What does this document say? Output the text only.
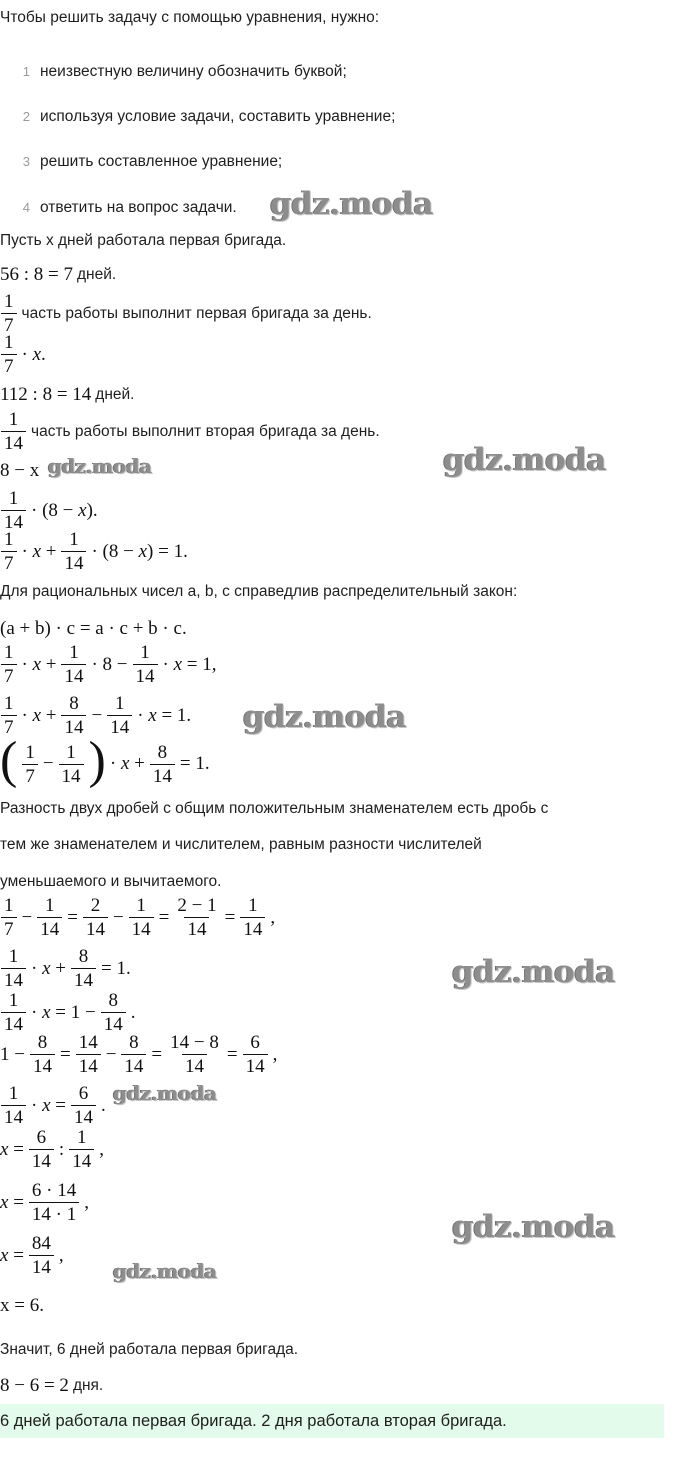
Чтобы решить задачу с помощью уравнения, нужно:
1 неизвестную величину обозначить буквой;
2 используя условие задачи, составить уравнение;
3 решить составленное уравнение;
4 ответить на вопрос задачи. gdz.moda
gdz.moda	gdz.moda
gdz.moda
gdz.moda
gdz.moda
gdz.moda
gdz.moda
Пусть x дней работала первая бригада.
56 : 8 = 7 дней.
$\frac{1}{7}$ часть работы выполнит первая бригада за день.
$\frac{1}{7} \cdot x$.
112 : 8 = 14 дней.
$\frac{1}{14}$ часть работы выполнит вторая бригада за день.
8 − x
$\frac{1}{14} \cdot (8 - x)$.
$\frac{1}{7} \cdot x + \frac{1}{14} \cdot (8 - x) = 1$.
Для рациональных чисел a, b, c справедлив распределительный закон:
(a + b) · c = a · c + b · c.
$\frac{1}{7} \cdot x + \frac{1}{14} \cdot 8 - \frac{1}{14} \cdot x = 1$,
$\frac{1}{7} \cdot x + \frac{8}{14} - \frac{1}{14} \cdot x = 1$.
( $\frac{1}{7} - \frac{1}{14}$ ) · $x + \frac{8}{14} = 1$.
Разность двух дробей с общим положительным знаменателем есть дробь с
тем же знаменателем и числителем, равным разности числителей
уменьшаемого и вычитаемого.
$\frac{1}{7} - \frac{1}{14} = \frac{2}{14} - \frac{1}{14} = \frac{2 - 1}{14} = \frac{1}{14}$ ,
$\frac{1}{14} \cdot x + \frac{8}{14} = 1$.
$\frac{1}{14} \cdot x = 1 - \frac{8}{14}$ .
$1 - \frac{8}{14} = \frac{14}{14} - \frac{8}{14} = \frac{14 - 8}{14} = \frac{6}{14}$ ,
$\frac{1}{14} \cdot x = \frac{6}{14}$ .
$x = \frac{6}{14}$ : $\frac{1}{14}$ ,
$x = \frac{6 \cdot 14}{14 \cdot 1}$ ,
$x = \frac{84}{14}$ ,
x = 6.
Значит, 6 дней работала первая бригада.
8 − 6 = 2 дня.
6 дней работала первая бригада. 2 дня работала вторая бригада.
